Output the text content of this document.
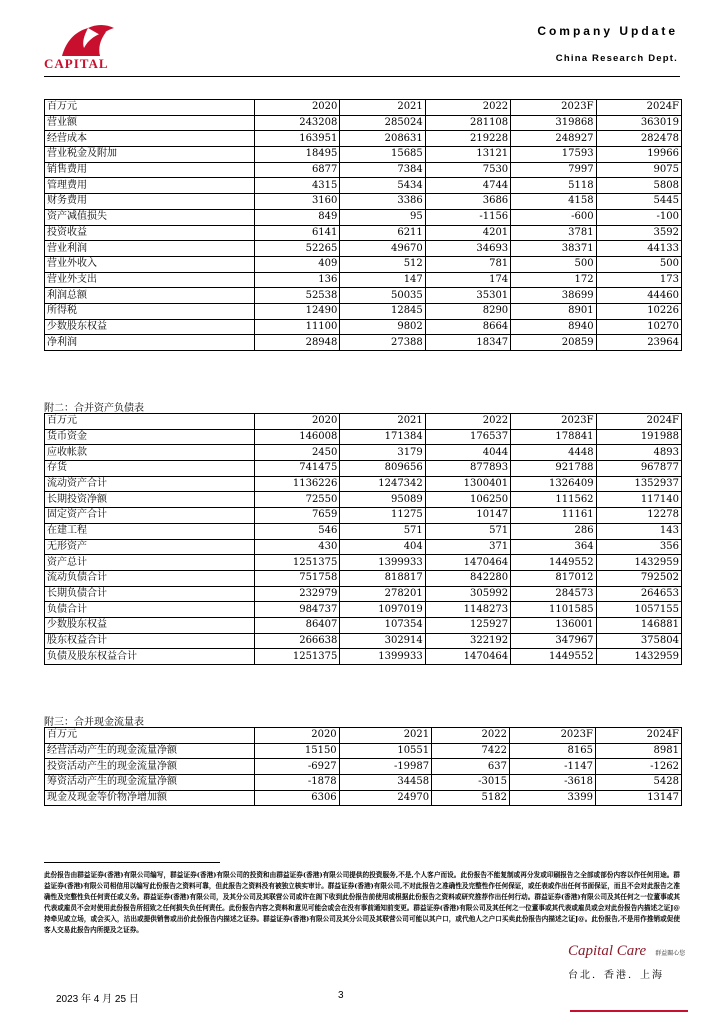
CAPITAL
Company Update
China Research Dept.
百万元	2020	2021	2022	2023F	2024F
营业额	243208	285024	281108	319868	363019
经营成本	163951	208631	219228	248927	282478
营业税金及附加	18495	15685	13121	17593	19966
销售费用	6877	7384	7530	7997	9075
管理费用	4315	5434	4744	5118	5808
财务费用	3160	3386	3686	4158	5445
资产减值损失	849	95	-1156	-600	-100
投资收益	6141	6211	4201	3781	3592
营业利润	52265	49670	34693	38371	44133
营业外收入	409	512	781	500	500
营业外支出	136	147	174	172	173
利润总额	52538	50035	35301	38699	44460
所得税	12490	12845	8290	8901	10226
少数股东权益	11100	9802	8664	8940	10270
净利润	28948	27388	18347	20859	23964
附二：合并资产负债表
百万元	2020	2021	2022	2023F	2024F
货币资金	146008	171384	176537	178841	191988
应收帐款	2450	3179	4044	4448	4893
存货	741475	809656	877893	921788	967877
流动资产合计	1136226	1247342	1300401	1326409	1352937
长期投资净额	72550	95089	106250	111562	117140
固定资产合计	7659	11275	10147	11161	12278
在建工程	546	571	571	286	143
无形资产	430	404	371	364	356
资产总计	1251375	1399933	1470464	1449552	1432959
流动负债合计	751758	818817	842280	817012	792502
长期负债合计	232979	278201	305992	284573	264653
负债合计	984737	1097019	1148273	1101585	1057155
少数股东权益	86407	107354	125927	136001	146881
股东权益合计	266638	302914	322192	347967	375804
负债及股东权益合计	1251375	1399933	1470464	1449552	1432959
附三：合并现金流量表
百万元	2020	2021	2022	2023F	2024F
经营活动产生的现金流量净额	15150	10551	7422	8165	8981
投资活动产生的现金流量净额	-6927	-19987	637	-1147	-1262
筹资活动产生的现金流量净额	-1878	34458	-3015	-3618	5428
现金及现金等价物净增加额	6306	24970	5182	3399	13147
此份报告由群益证券(香港)有限公司编写，群益证券(香港)有限公司的投资和由群益证券(香港)有限公司提供的投资服务,不是,个人客户而设。此份报告不能复制或再分发或印刷报告之全部或部份内容以作任何用途。群益证券(香港)有限公司相信用以编写此份报告之资料可靠，但此报告之资料没有被独立核实审计。群益证券(香港)有限公司,不对此报告之准确性及完整性作任何保证，或任表或作出任何书面保证，而且不会对此报告之准确性及完整性负任何责任或义务。群益证券(香港)有限公司，及其分公司及其联营公司或许在阁下收到此份报告前使用或根据此份报告之资料或研究推荐作出任何行动。群益证券(香港)有限公司及其任何之一位董事或其代表或雇员不会对使用此份报告所招致之任何损失负任何责任。此份报告内容之资料和意见可能会或会在没有事前通知前变更。群益证券(香港)有限公司及其任何之一位董事或其代表或雇员或会对此份报告内描述之证J@持牵见或立场，或会买入，沽出或提供销售或出价此份报告内描述之证券。群益证券(香港)有限公司及其分公司及其联营公司可能以其户口，或代他人之户口买卖此份报告内描述之证J@。此份报告,不是用作推销或促使客人交易此报告内所提及之证券。
Capital Care 群益關心您
台北．香港．上海
2023 年 4 月 25 日	3
